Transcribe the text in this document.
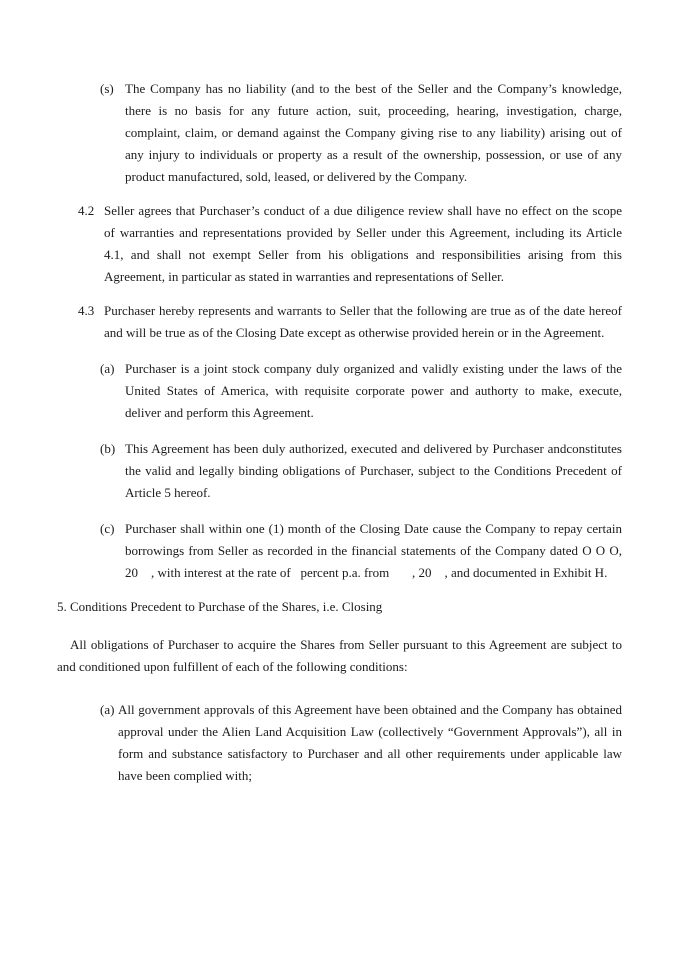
(s) The Company has no liability (and to the best of the Seller and the Company’s knowledge, there is no basis for any future action, suit, proceeding, hearing, investigation, charge, complaint, claim, or demand against the Company giving rise to any liability) arising out of any injury to individuals or property as a result of the ownership, possession, or use of any product manufactured, sold, leased, or delivered by the Company.

4.2 Seller agrees that Purchaser’s conduct of a due diligence review shall have no effect on the scope of warranties and representations provided by Seller under this Agreement, including its Article 4.1, and shall not exempt Seller from his obligations and responsibilities arising from this Agreement, in particular as stated in warranties and representations of Seller.

4.3 Purchaser hereby represents and warrants to Seller that the following are true as of the date hereof and will be true as of the Closing Date except as otherwise provided herein or in the Agreement.

(a) Purchaser is a joint stock company duly organized and validly existing under the laws of the United States of America, with requisite corporate power and authorty to make, execute, deliver and perform this Agreement.

(b) This Agreement has been duly authorized, executed and delivered by Purchaser andconstitutes the valid and legally binding obligations of Purchaser, subject to the Conditions Precedent of Article 5 hereof.

(c) Purchaser shall within one (1) month of the Closing Date cause the Company to repay certain borrowings from Seller as recorded in the financial statements of the Company dated O O O, 20    , with interest at the rate of   percent p.a. from       , 20    , and documented in Exhibit H.

5. Conditions Precedent to Purchase of the Shares, i.e. Closing

All obligations of Purchaser to acquire the Shares from Seller pursuant to this Agreement are subject to and conditioned upon fulfillent of each of the following conditions:

(a) All government approvals of this Agreement have been obtained and the Company has obtained approval under the Alien Land Acquisition Law (collectively “Government Approvals”), all in form and substance satisfactory to Purchaser and all other requirements under applicable law have been complied with;
